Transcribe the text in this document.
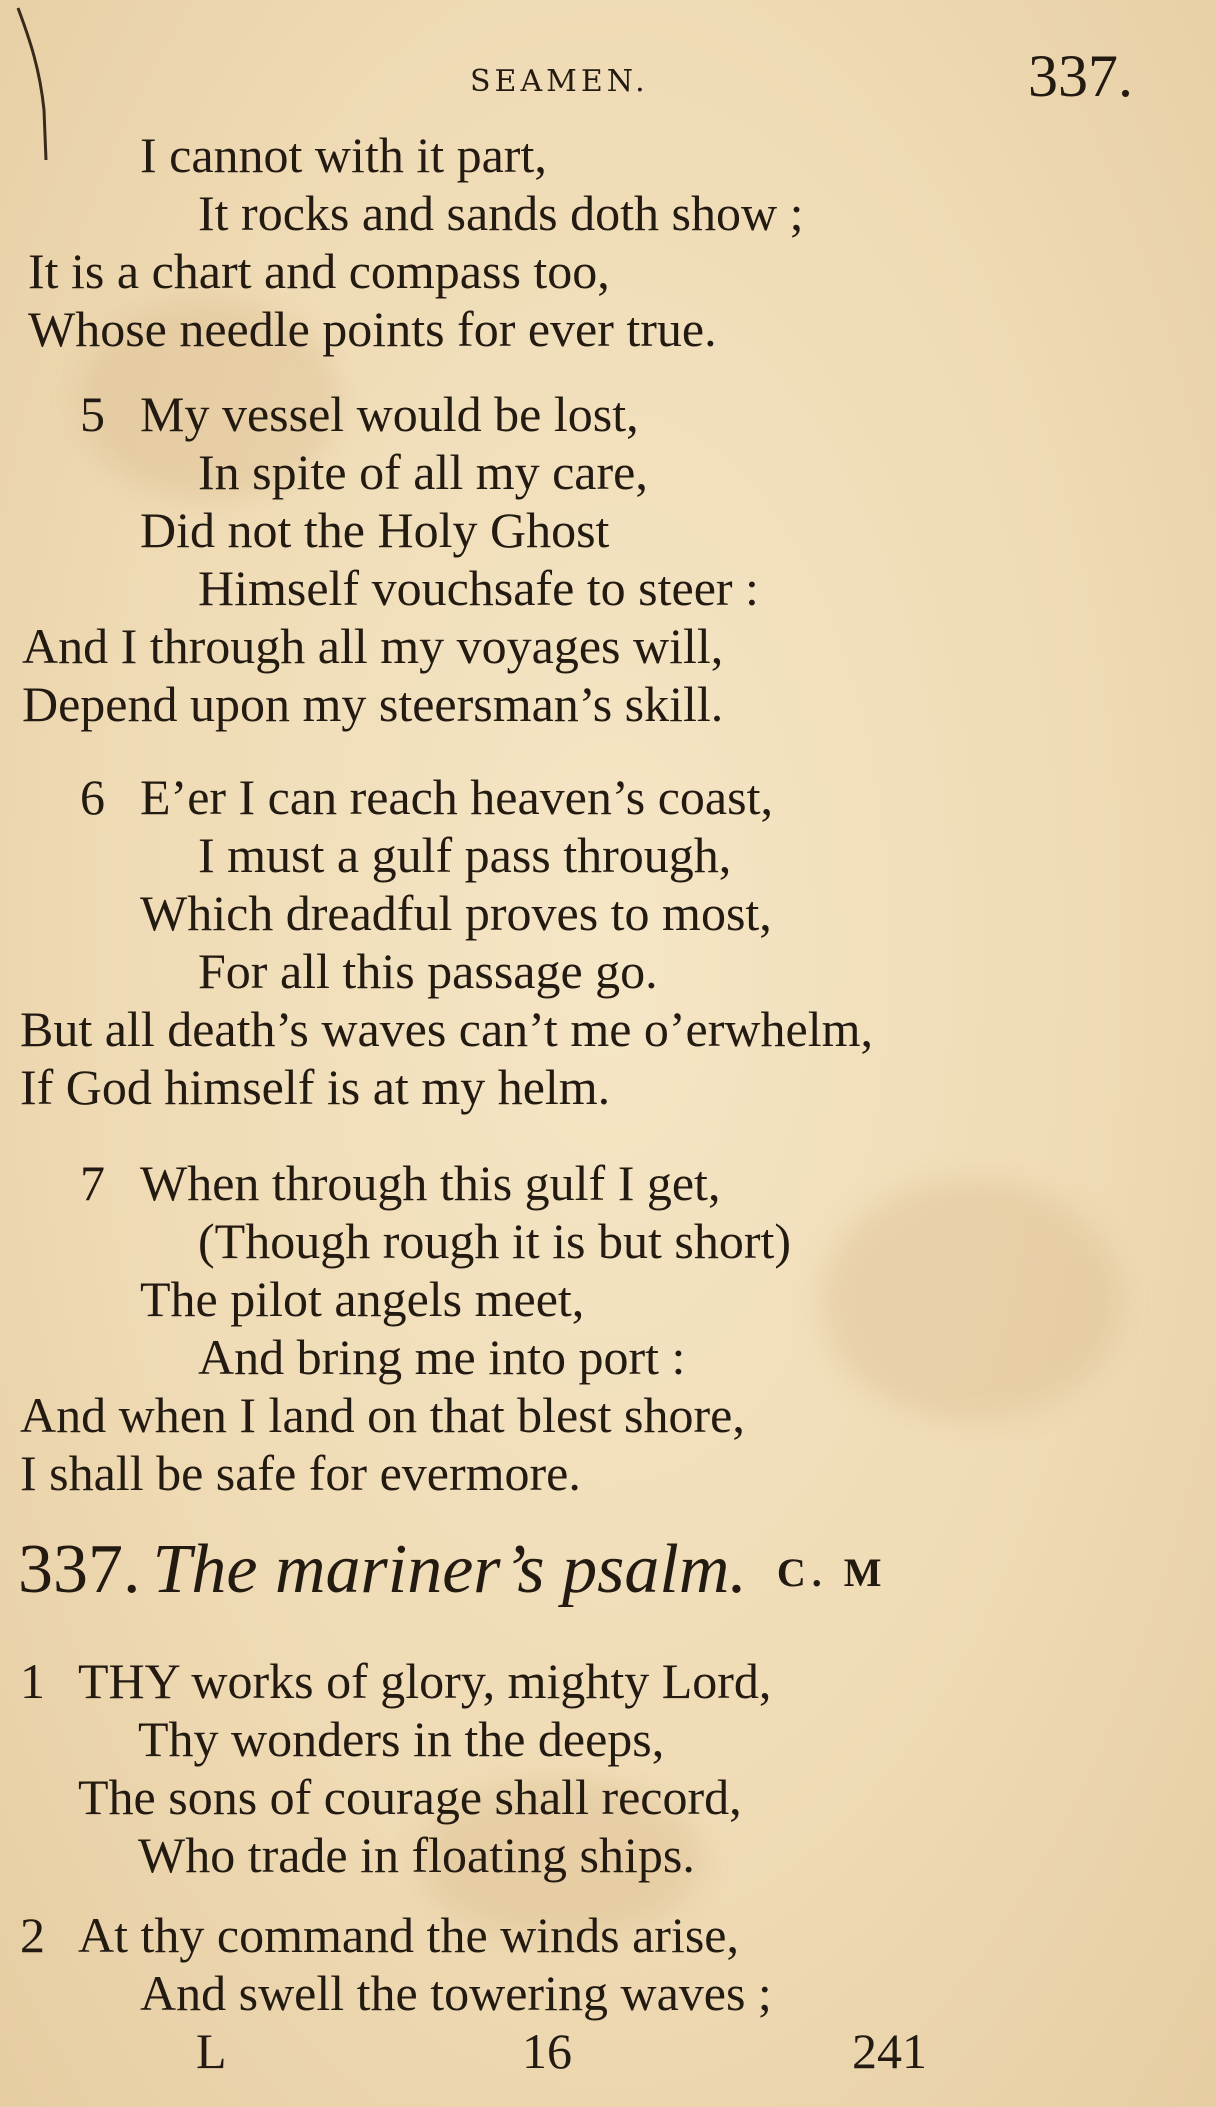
SEAMEN.	337.
I cannot with it part,
It rocks and sands doth show ;
It is a chart and compass too,
Whose needle points for ever true.
5 My vessel would be lost,
In spite of all my care,
Did not the Holy Ghost
Himself vouchsafe to steer :
And I through all my voyages will,
Depend upon my steersman’s skill.
6 E’er I can reach heaven’s coast,
I must a gulf pass through,
Which dreadful proves to most,
For all this passage go.
But all death’s waves can’t me o’erwhelm,
If God himself is at my helm.
7 When through this gulf I get,
(Though rough it is but short)
The pilot angels meet,
And bring me into port :
And when I land on that blest shore,
I shall be safe for evermore.
337. The mariner’s psalm. C. M
1 THY works of glory, mighty Lord,
Thy wonders in the deeps,
The sons of courage shall record,
Who trade in floating ships.
2 At thy command the winds arise,
And swell the towering waves ;
L	16	241
